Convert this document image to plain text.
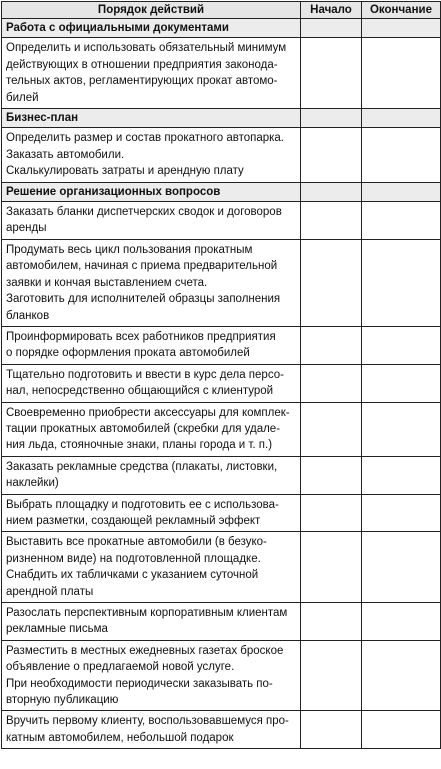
Порядок действий	Начало	Окончание

Работа с официальными документами		

Определить и использовать обязательный минимум
действующих в отношении предприятия законода-
тельных актов, регламентирующих прокат автомо-
билей		

Бизнес-план		

Определить размер и состав прокатного автопарка.
Заказать автомобили.
Скалькулировать затраты и арендную плату		

Решение организационных вопросов		

Заказать бланки диспетчерских сводок и договоров
аренды		

Продумать весь цикл пользования прокатным
автомобилем, начиная с приема предварительной
заявки и кончая выставлением счета.
Заготовить для исполнителей образцы заполнения
бланков		

Проинформировать всех работников предприятия
о порядке оформления проката автомобилей		

Тщательно подготовить и ввести в курс дела персо-
нал, непосредственно общающийся с клиентурой		

Своевременно приобрести аксессуары для комплек-
тации прокатных автомобилей (скребки для удале-
ния льда, стояночные знаки, планы города и т. п.)		

Заказать рекламные средства (плакаты, листовки,
наклейки)		

Выбрать площадку и подготовить ее с использова-
нием разметки, создающей рекламный эффект		

Выставить все прокатные автомобили (в безуко-
ризненном виде) на подготовленной площадке.
Снабдить их табличками с указанием суточной
арендной платы		

Разослать перспективным корпоративным клиентам
рекламные письма		

Разместить в местных ежедневных газетах броское
объявление о предлагаемой новой услуге.
При необходимости периодически заказывать по-
вторную публикацию		

Вручить первому клиенту, воспользовавшемуся про-
катным автомобилем, небольшой подарок		
